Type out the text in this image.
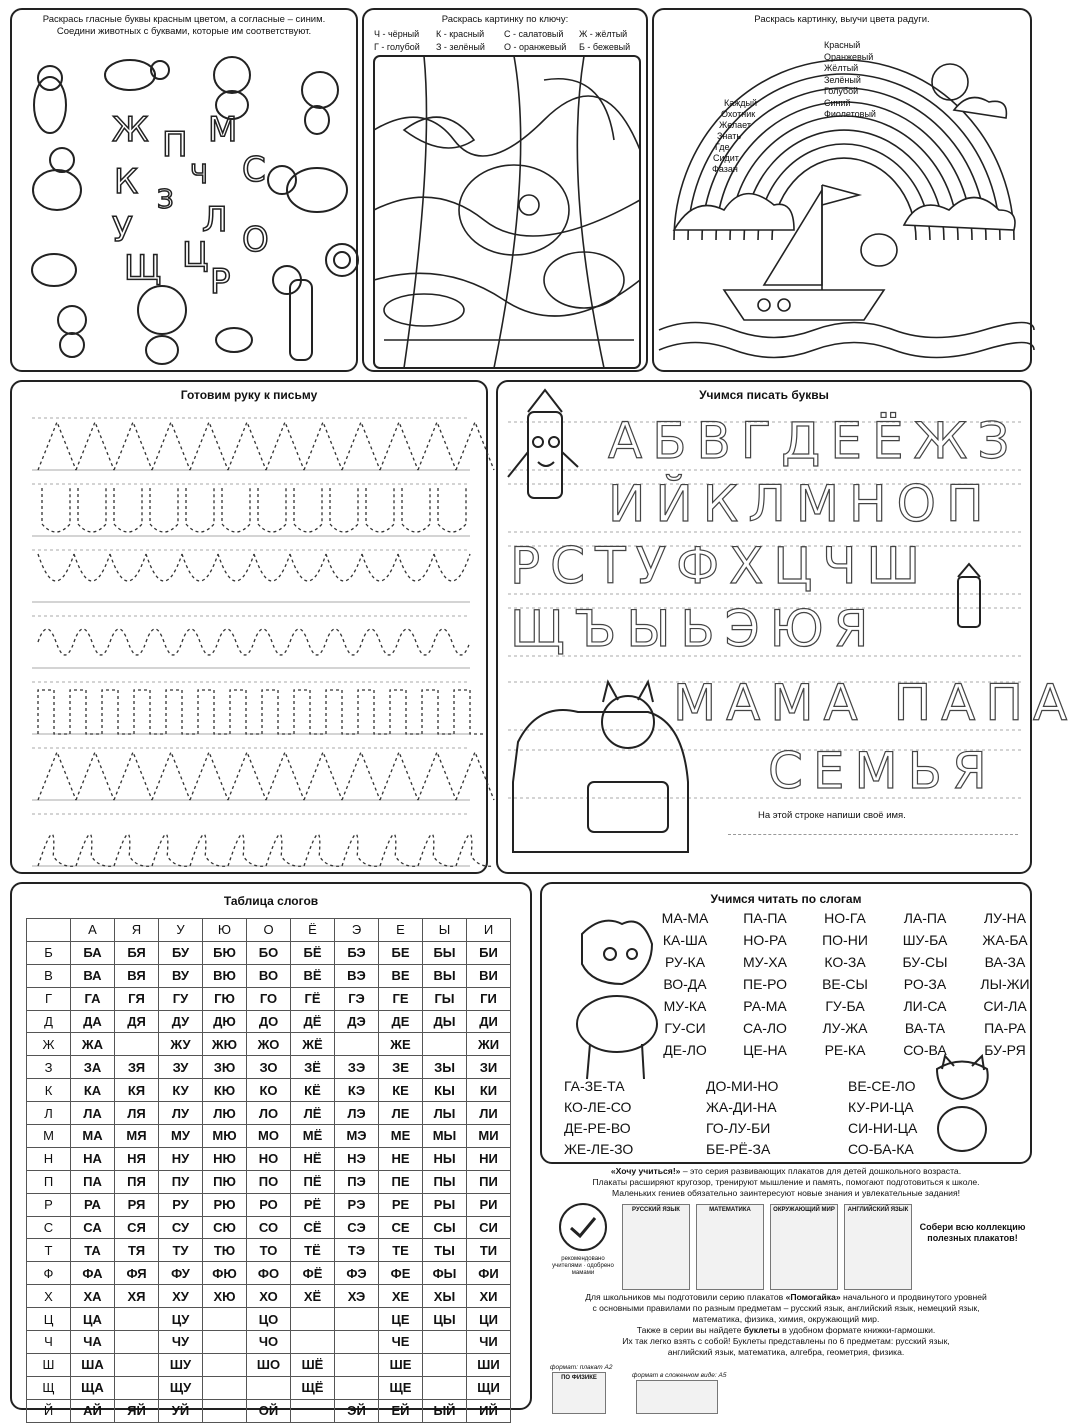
Раскрась гласные буквы красным цветом, а согласные – синим.
Соедини животных с буквами, которые им соответствуют.
Ж П М
К Ч С
З
У Л
Ц О
Щ Р
Раскрась картинку по ключу:
Ч - чёрный К - красный С - салатовый Ж - жёлтый
Г - голубой З - зелёный О - оранжевый Б - бежевый
Раскрась картинку, выучи цвета радуги.
Красный
Оранжевый
Жёлтый
Зелёный
Голубой
Синий
Фиолетовый
Каждый
Охотник
Желает
Знать
Где
Сидит
Фазан
Готовим руку к письму	Учимся писать буквы
АБВГДЕЁЖЗ
ИЙКЛМНОП
РСТУФХЦЧШ
ЩЪЫЬЭЮЯ
МАМА ПАПА
СЕМЬЯ
На этой строке напиши своё имя.
Таблица слогов
	А	Я	У	Ю	О	Ё	Э	Е	Ы	И
Б	БА	БЯ	БУ	БЮ	БО	БЁ	БЭ	БЕ	БЫ	БИ
В	ВА	ВЯ	ВУ	ВЮ	ВО	ВЁ	ВЭ	ВЕ	ВЫ	ВИ
Г	ГА	ГЯ	ГУ	ГЮ	ГО	ГЁ	ГЭ	ГЕ	ГЫ	ГИ
Д	ДА	ДЯ	ДУ	ДЮ	ДО	ДЁ	ДЭ	ДЕ	ДЫ	ДИ
Ж	ЖА		ЖУ	ЖЮ	ЖО	ЖЁ		ЖЕ		ЖИ
З	ЗА	ЗЯ	ЗУ	ЗЮ	ЗО	ЗЁ	ЗЭ	ЗЕ	ЗЫ	ЗИ
К	КА	КЯ	КУ	КЮ	КО	КЁ	КЭ	КЕ	КЫ	КИ
Л	ЛА	ЛЯ	ЛУ	ЛЮ	ЛО	ЛЁ	ЛЭ	ЛЕ	ЛЫ	ЛИ
М	МА	МЯ	МУ	МЮ	МО	МЁ	МЭ	МЕ	МЫ	МИ
Н	НА	НЯ	НУ	НЮ	НО	НЁ	НЭ	НЕ	НЫ	НИ
П	ПА	ПЯ	ПУ	ПЮ	ПО	ПЁ	ПЭ	ПЕ	ПЫ	ПИ
Р	РА	РЯ	РУ	РЮ	РО	РЁ	РЭ	РЕ	РЫ	РИ
С	СА	СЯ	СУ	СЮ	СО	СЁ	СЭ	СЕ	СЫ	СИ
Т	ТА	ТЯ	ТУ	ТЮ	ТО	ТЁ	ТЭ	ТЕ	ТЫ	ТИ
Ф	ФА	ФЯ	ФУ	ФЮ	ФО	ФЁ	ФЭ	ФЕ	ФЫ	ФИ
Х	ХА	ХЯ	ХУ	ХЮ	ХО	ХЁ	ХЭ	ХЕ	ХЫ	ХИ
Ц	ЦА		ЦУ		ЦО			ЦЕ	ЦЫ	ЦИ
Ч	ЧА		ЧУ		ЧО			ЧЕ		ЧИ
Ш	ША		ШУ		ШО	ШЁ		ШЕ		ШИ
Щ	ЩА		ЩУ			ЩЁ		ЩЕ		ЩИ
Й	АЙ	ЯЙ	УЙ		ОЙ		ЭЙ	ЕЙ	ЫЙ	ИЙ
Учимся читать по слогам
МА-МА	ПА-ПА	НО-ГА	ЛА-ПА	ЛУ-НА
КА-ША	НО-РА	ПО-НИ	ШУ-БА	ЖА-БА
РУ-КА	МУ-ХА	КО-ЗА	БУ-СЫ	ВА-ЗА
ВО-ДА	ПЕ-РО	ВЕ-СЫ	РО-ЗА	ЛЫ-ЖИ
МУ-КА	РА-МА	ГУ-БА	ЛИ-СА	СИ-ЛА
ГУ-СИ	СА-ЛО	ЛУ-ЖА	ВА-ТА	ПА-РА
ДЕ-ЛО	ЦЕ-НА	РЕ-КА	СО-ВА	БУ-РЯ
ГА-ЗЕ-ТА	ДО-МИ-НО	ВЕ-СЕ-ЛО
КО-ЛЕ-СО	ЖА-ДИ-НА	КУ-РИ-ЦА
ДЕ-РЕ-ВО	ГО-ЛУ-БИ	СИ-НИ-ЦА
ЖЕ-ЛЕ-ЗО	БЕ-РЁ-ЗА	СО-БА-КА
«Хочу учиться!» – это серия развивающих плакатов для детей дошкольного возраста.
Плакаты расширяют кругозор, тренируют мышление и память, помогают подготовиться к школе.
Маленьких гениев обязательно заинтересуют новые знания и увлекательные задания!
рекомендовано учителями · одобрено мамами
РУССКИЙ ЯЗЫК	МАТЕМАТИКА	ОКРУЖАЮЩИЙ МИР	АНГЛИЙСКИЙ ЯЗЫК
Собери всю коллекцию полезных плакатов!
Для школьников мы подготовили серию плакатов «Помогайка» начального и продвинутого уровней
с основными правилами по разным предметам – русский язык, английский язык, немецкий язык,
математика, физика, химия, окружающий мир.
Также в серии вы найдете буклеты в удобном формате книжки-гармошки.
Их так легко взять с собой! Буклеты представлены по 6 предметам: русский язык,
английский язык, математика, алгебра, геометрия, физика.
формат: плакат А2
ПО ФИЗИКЕ	формат в сложенном виде: А5
